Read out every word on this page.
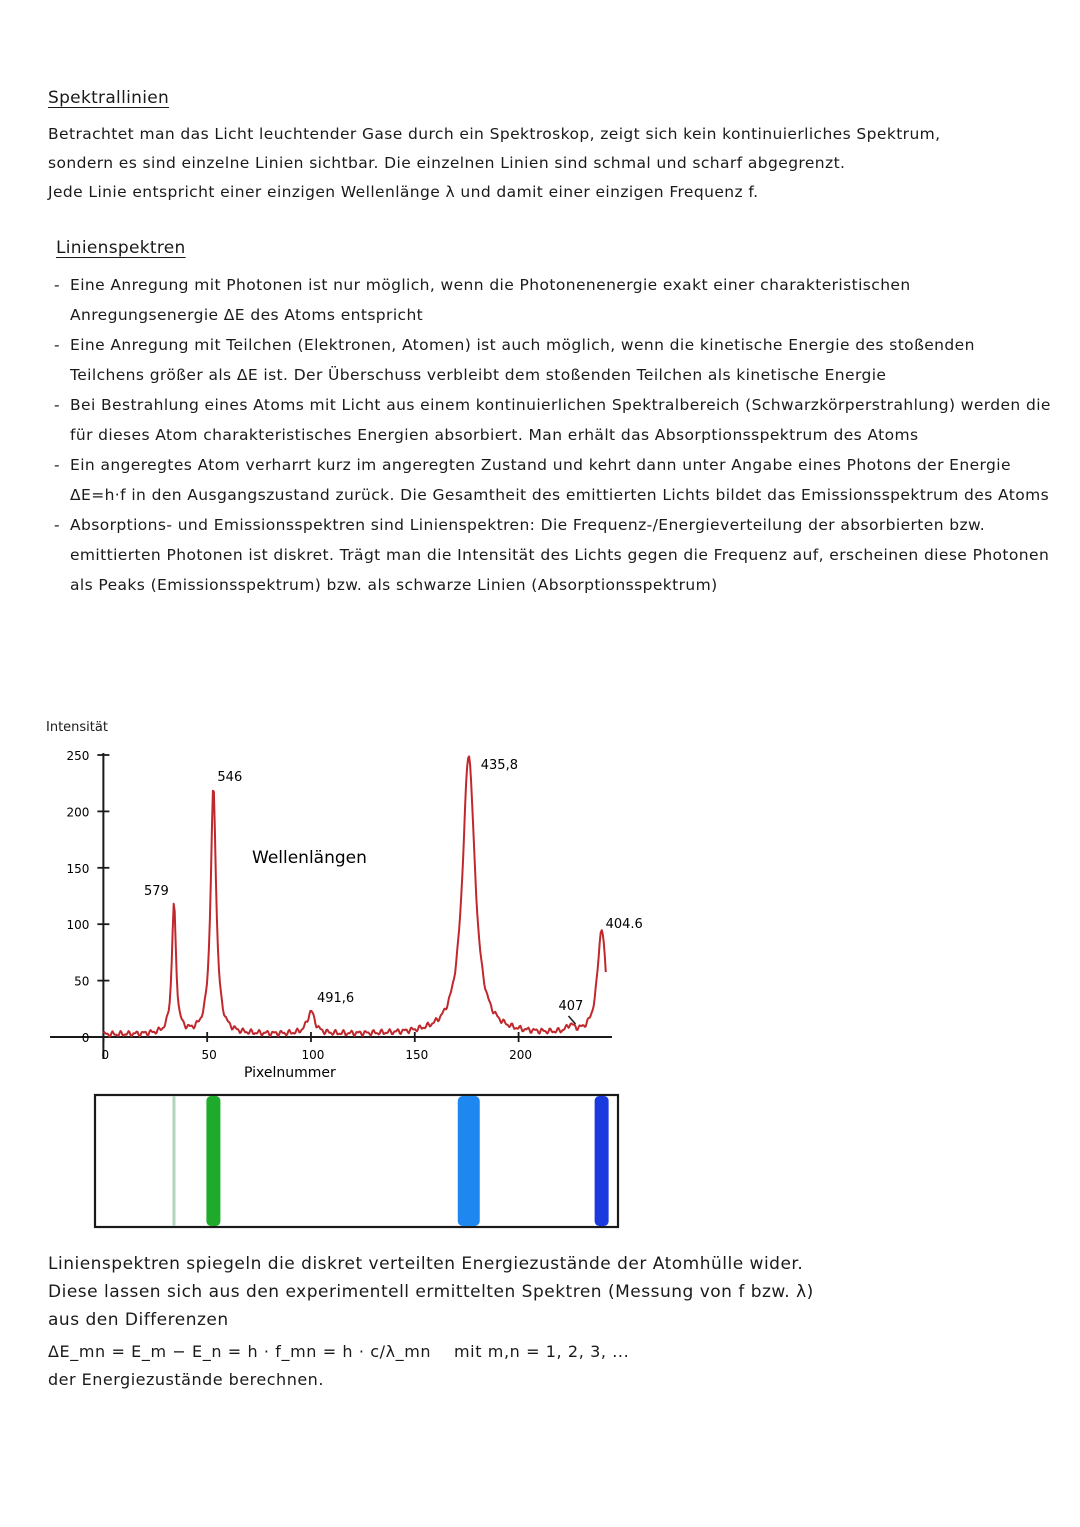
Spektrallinien
Betrachtet man das Licht leuchtender Gase durch ein Spektroskop, zeigt sich kein kontinuierliches Spektrum,
sondern es sind einzelne Linien sichtbar. Die einzelnen Linien sind schmal und scharf abgegrenzt.
Jede Linie entspricht einer einzigen Wellenlänge λ und damit einer einzigen Frequenz f.
Linienspektren
- Eine Anregung mit Photonen ist nur möglich, wenn die Photonenenergie exakt einer charakteristischen Anregungsenergie ΔE des Atoms entspricht
- Eine Anregung mit Teilchen (Elektronen, Atomen) ist auch möglich, wenn die kinetische Energie des stoßenden Teilchens größer als ΔE ist. Der Überschuss verbleibt dem stoßenden Teilchen als kinetische Energie
- Bei Bestrahlung eines Atoms mit Licht aus einem kontinuierlichen Spektralbereich (Schwarzkörperstrahlung) werden die für dieses Atom charakteristisches Energien absorbiert. Man erhält das Absorptionsspektrum des Atoms
- Ein angeregtes Atom verharrt kurz im angeregten Zustand und kehrt dann unter Angabe eines Photons der Energie ΔE=h·f in den Ausgangszustand zurück. Die Gesamtheit des emittierten Lichts bildet das Emissionsspektrum des Atoms
- Absorptions- und Emissionsspektren sind Linienspektren: Die Frequenz-/Energieverteilung der absorbierten bzw. emittierten Photonen ist diskret. Trägt man die Intensität des Lichts gegen die Frequenz auf, erscheinen diese Photonen als Peaks (Emissionsspektrum) bzw. als schwarze Linien (Absorptionsspektrum)
Intensität
0
50
100
150
200
250
0	50	100	150	200
579
546
491,6
435,8
407
404.6
Wellenlängen
Pixelnummer
Linienspektren spiegeln die diskret verteilten Energiezustände der Atomhülle wider.
Diese lassen sich aus den experimentell ermittelten Spektren (Messung von f bzw. λ)
aus den Differenzen
ΔE_mn = E_m − E_n = h · f_mn = h · c/λ_mn mit m,n = 1, 2, 3, ...
der Energiezustände berechnen.
